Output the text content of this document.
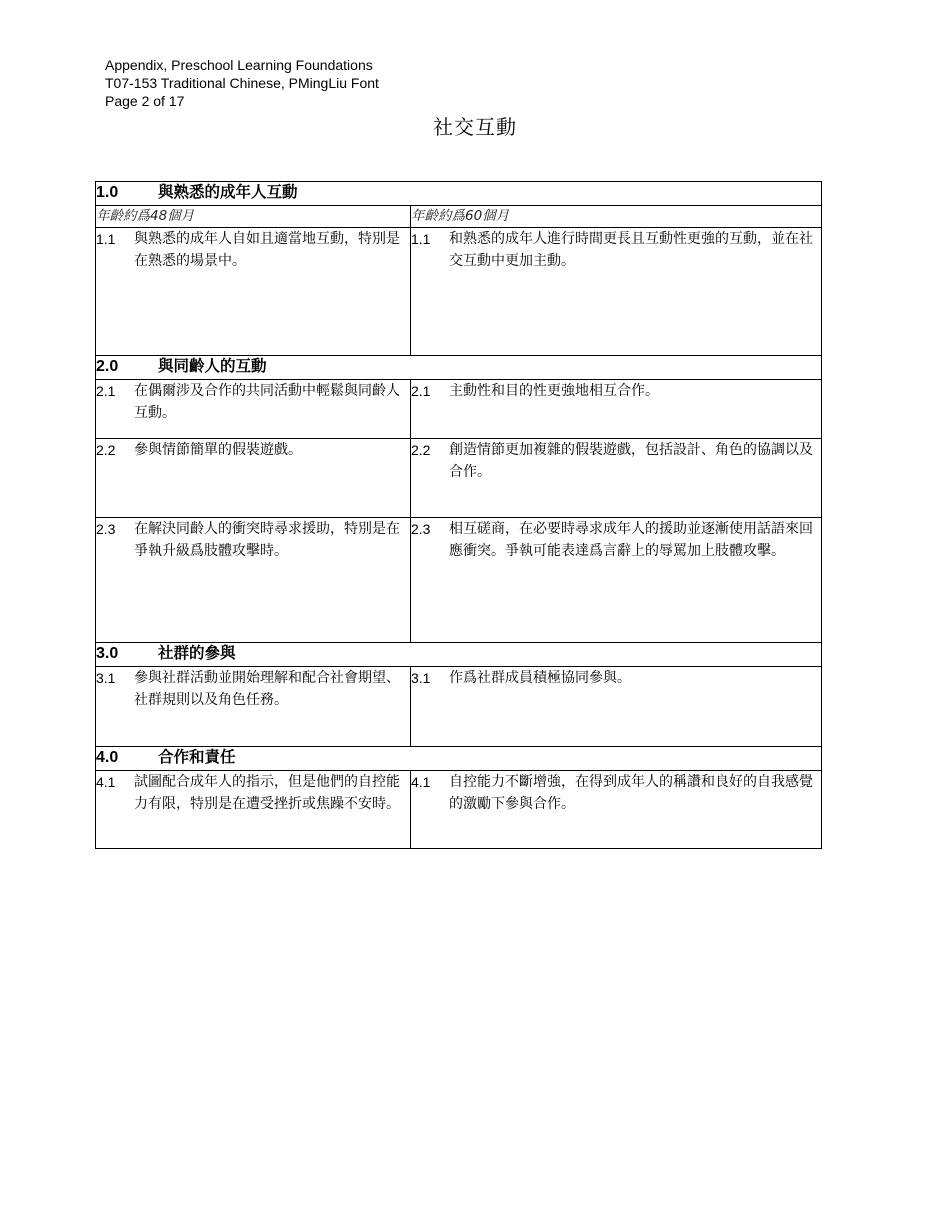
Appendix, Preschool Learning Foundations
T07-153 Traditional Chinese, PMingLiu Font
Page 2 of 17
社交互動
1.0 與熟悉的成年人互動	
年齡約爲48個月	年齡約爲60個月

1.1 與熟悉的成年人自如且適當地互動，特別是在熟悉的場景中。	1.1 和熟悉的成年人進行時間更長且互動性更強的互動，並在社交互動中更加主動。

2.0 與同齡人的互動	

2.1 在偶爾涉及合作的共同活動中輕鬆與同齡人互動。	2.1 主動性和目的性更強地相互合作。

2.2 參與情節簡單的假裝遊戲。	2.2 創造情節更加複雜的假裝遊戲，包括設計、角色的協調以及合作。

2.3 在解決同齡人的衝突時尋求援助，特別是在爭執升級爲肢體攻擊時。	2.3 相互磋商，在必要時尋求成年人的援助並逐漸使用話語來回應衝突。爭執可能表達爲言辭上的辱罵加上肢體攻擊。

3.0 社群的參與	

3.1 參與社群活動並開始理解和配合社會期望、社群規則以及角色任務。	3.1 作爲社群成員積極協同參與。

4.0 合作和責任	

4.1 試圖配合成年人的指示，但是他們的自控能力有限，特別是在遭受挫折或焦躁不安時。	4.1 自控能力不斷增強，在得到成年人的稱讚和良好的自我感覺的激勵下參與合作。
